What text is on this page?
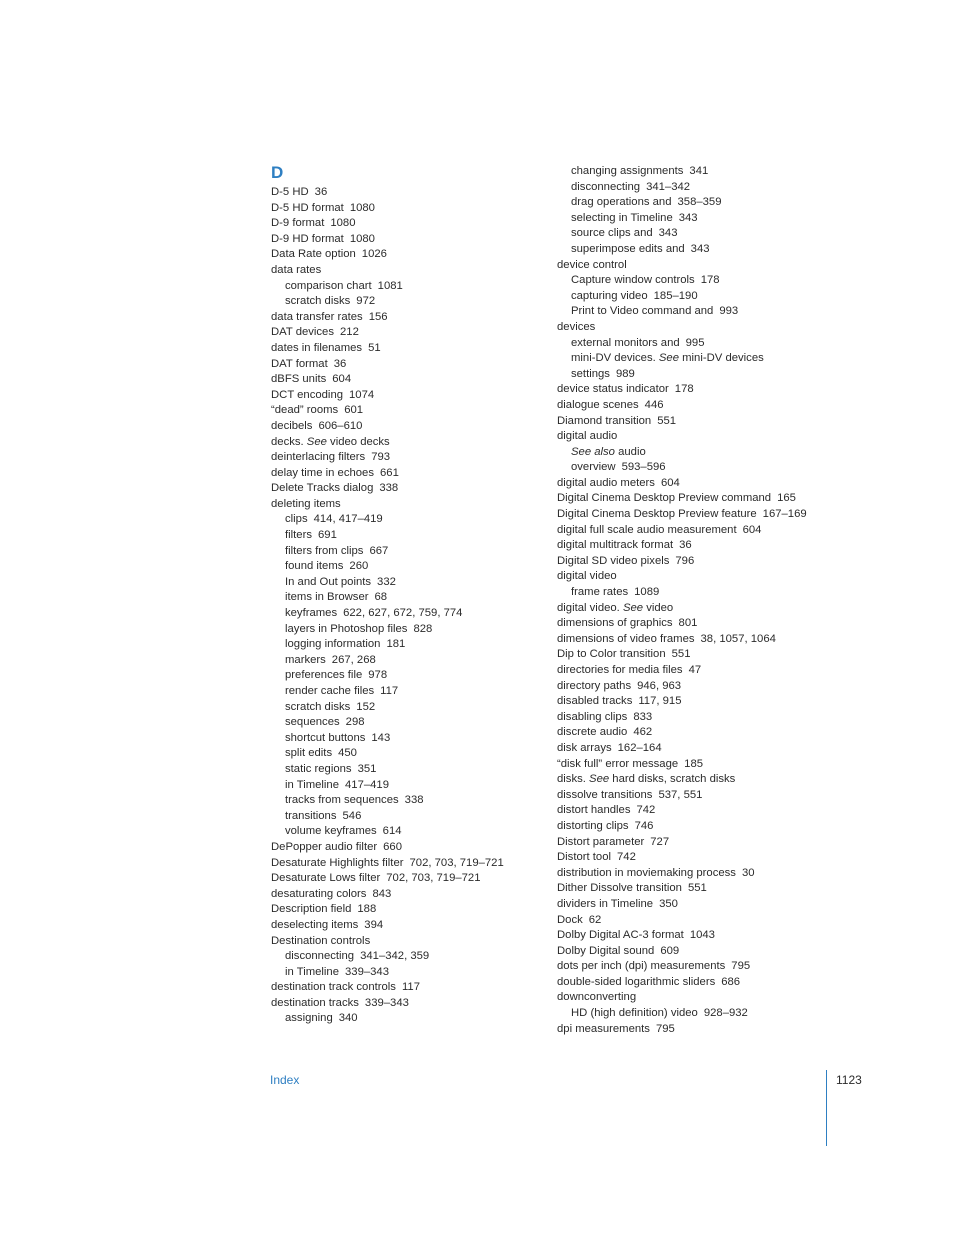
D
D-5 HD 36
D-5 HD format 1080
D-9 format 1080
D-9 HD format 1080
Data Rate option 1026
data rates
comparison chart 1081
scratch disks 972
data transfer rates 156
DAT devices 212
dates in filenames 51
DAT format 36
dBFS units 604
DCT encoding 1074
“dead” rooms 601
decibels 606–610
decks. See video decks
deinterlacing filters 793
delay time in echoes 661
Delete Tracks dialog 338
deleting items
clips 414, 417–419
filters 691
filters from clips 667
found items 260
In and Out points 332
items in Browser 68
keyframes 622, 627, 672, 759, 774
layers in Photoshop files 828
logging information 181
markers 267, 268
preferences file 978
render cache files 117
scratch disks 152
sequences 298
shortcut buttons 143
split edits 450
static regions 351
in Timeline 417–419
tracks from sequences 338
transitions 546
volume keyframes 614
DePopper audio filter 660
Desaturate Highlights filter 702, 703, 719–721
Desaturate Lows filter 702, 703, 719–721
desaturating colors 843
Description field 188
deselecting items 394
Destination controls
disconnecting 341–342, 359
in Timeline 339–343
destination track controls 117
destination tracks 339–343
assigning 340
changing assignments 341
disconnecting 341–342
drag operations and 358–359
selecting in Timeline 343
source clips and 343
superimpose edits and 343
device control
Capture window controls 178
capturing video 185–190
Print to Video command and 993
devices
external monitors and 995
mini-DV devices. See mini-DV devices
settings 989
device status indicator 178
dialogue scenes 446
Diamond transition 551
digital audio
See also audio
overview 593–596
digital audio meters 604
Digital Cinema Desktop Preview command 165
Digital Cinema Desktop Preview feature 167–169
digital full scale audio measurement 604
digital multitrack format 36
Digital SD video pixels 796
digital video
frame rates 1089
digital video. See video
dimensions of graphics 801
dimensions of video frames 38, 1057, 1064
Dip to Color transition 551
directories for media files 47
directory paths 946, 963
disabled tracks 117, 915
disabling clips 833
discrete audio 462
disk arrays 162–164
“disk full” error message 185
disks. See hard disks, scratch disks
dissolve transitions 537, 551
distort handles 742
distorting clips 746
Distort parameter 727
Distort tool 742
distribution in moviemaking process 30
Dither Dissolve transition 551
dividers in Timeline 350
Dock 62
Dolby Digital AC-3 format 1043
Dolby Digital sound 609
dots per inch (dpi) measurements 795
double-sided logarithmic sliders 686
downconverting
HD (high definition) video 928–932
dpi measurements 795
Index	1123
